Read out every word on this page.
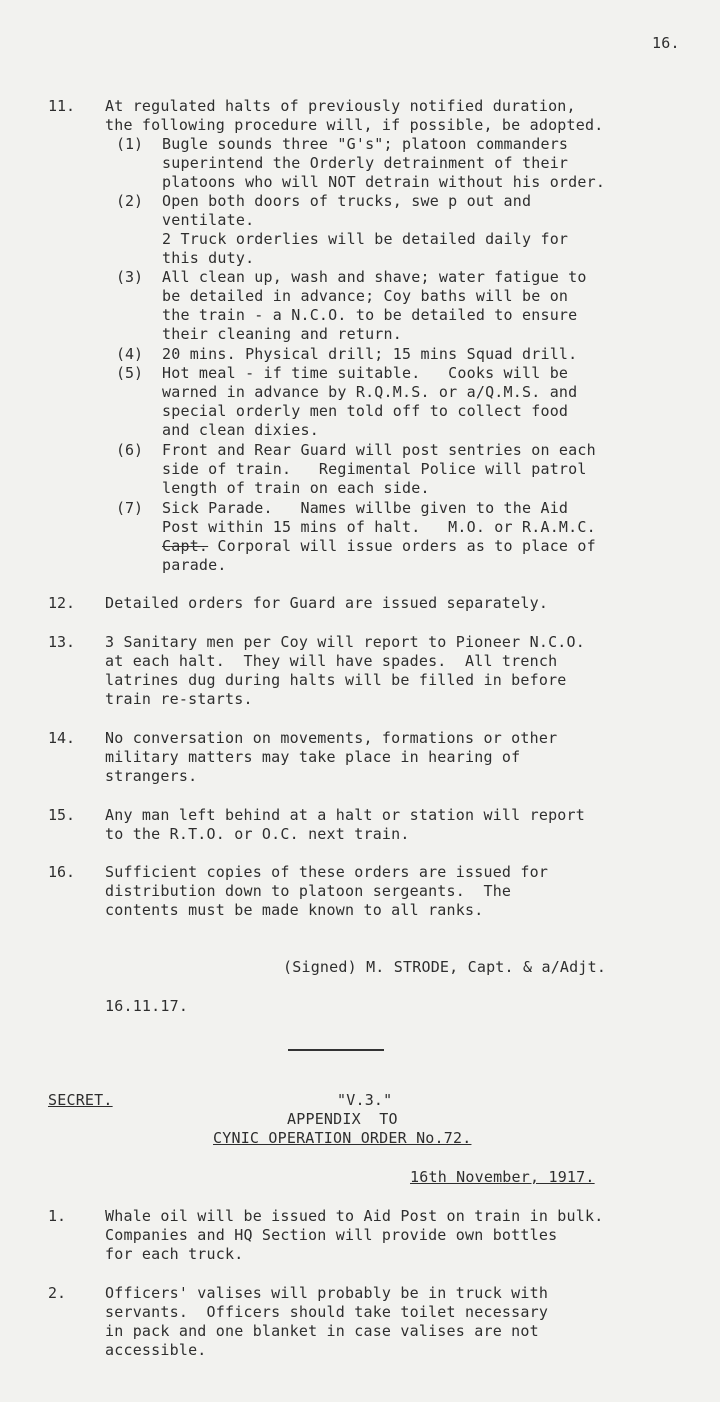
16.
11. At regulated halts of previously notified duration,
the following procedure will, if possible, be adopted.
(1) Bugle sounds three "G's"; platoon commanders
superintend the Orderly detrainment of their
platoons who will NOT detrain without his order.
(2) Open both doors of trucks, swe p out and
ventilate.
2 Truck orderlies will be detailed daily for
this duty.
(3) All clean up, wash and shave; water fatigue to
be detailed in advance; Coy baths will be on
the train - a N.C.O. to be detailed to ensure
their cleaning and return.
(4) 20 mins. Physical drill; 15 mins Squad drill.
(5) Hot meal - if time suitable.   Cooks will be
warned in advance by R.Q.M.S. or a/Q.M.S. and
special orderly men told off to collect food
and clean dixies.
(6) Front and Rear Guard will post sentries on each
side of train.   Regimental Police will patrol
length of train on each side.
(7) Sick Parade.   Names willbe given to the Aid
Post within 15 mins of halt.   M.O. or R.A.M.C.
Capt. Corporal will issue orders as to place of
parade.
12. Detailed orders for Guard are issued separately.
13. 3 Sanitary men per Coy will report to Pioneer N.C.O.
at each halt.  They will have spades.  All trench
latrines dug during halts will be filled in before
train re-starts.
14. No conversation on movements, formations or other
military matters may take place in hearing of
strangers.
15. Any man left behind at a halt or station will report
to the R.T.O. or O.C. next train.
16. Sufficient copies of these orders are issued for
distribution down to platoon sergeants.  The
contents must be made known to all ranks.
(Signed) M. STRODE, Capt. & a/Adjt.
16.11.17.
SECRET.	"V.3."
APPENDIX  TO
CYNIC OPERATION ORDER No.72.
16th November, 1917.
1.	Whale oil will be issued to Aid Post on train in bulk.
Companies and HQ Section will provide own bottles
for each truck.
2.	Officers' valises will probably be in truck with
servants.  Officers should take toilet necessary
in pack and one blanket in case valises are not
accessible.
